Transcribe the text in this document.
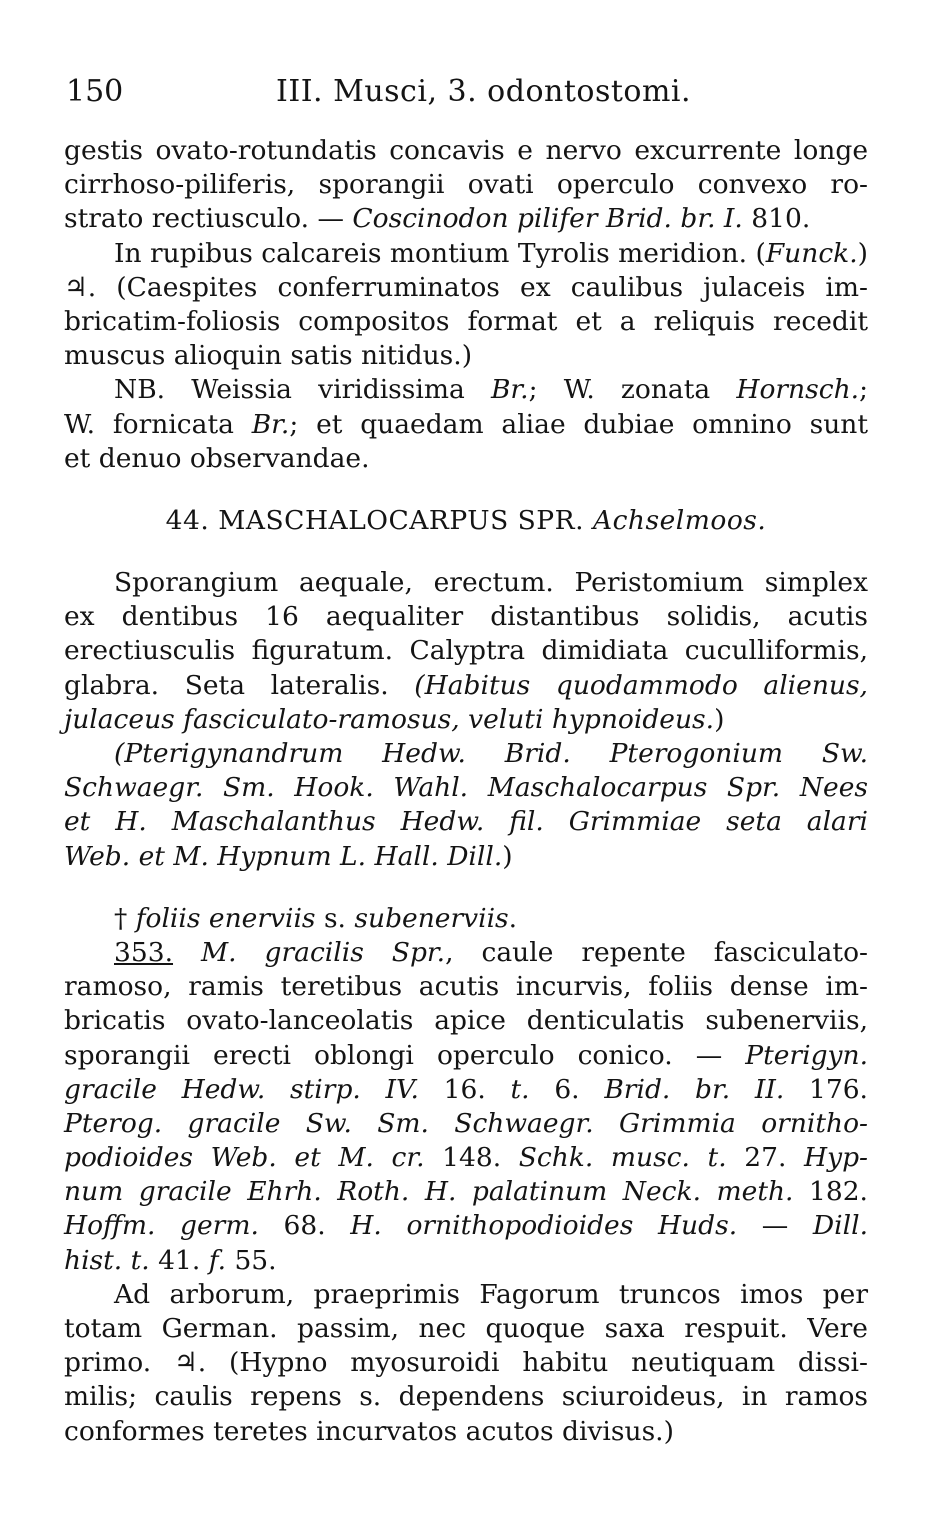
150	III. Musci, 3. odontostomi.
gestis ovato-rotundatis concavis e nervo excurrente longe
cirrhoso-piliferis, sporangii ovati operculo convexo ro-
strato rectiusculo. — Coscinodon pilifer Brid. br. I. 810.
In rupibus calcareis montium Tyrolis meridion. (Funck.)
♃. (Caespites conferruminatos ex caulibus julaceis im-
bricatim-foliosis compositos format et a reliquis recedit
muscus alioquin satis nitidus.)
NB. Weissia viridissima Br.; W. zonata Hornsch.;
W. fornicata Br.; et quaedam aliae dubiae omnino sunt
et denuo observandae.
44. MASCHALOCARPUS SPR. Achselmoos.
Sporangium aequale, erectum. Peristomium simplex
ex dentibus 16 aequaliter distantibus solidis, acutis
erectiusculis figuratum. Calyptra dimidiata cuculliformis,
glabra. Seta lateralis. (Habitus quodammodo alienus,
julaceus fasciculato-ramosus, veluti hypnoideus.)
(Pterigynandrum Hedw. Brid. Pterogonium Sw.
Schwaegr. Sm. Hook. Wahl. Maschalocarpus Spr. Nees
et H. Maschalanthus Hedw. fil. Grimmiae seta alari
Web. et M. Hypnum L. Hall. Dill.)
† foliis enerviis s. subenerviis.
353. M. gracilis Spr., caule repente fasciculato-
ramoso, ramis teretibus acutis incurvis, foliis dense im-
bricatis ovato-lanceolatis apice denticulatis subenerviis,
sporangii erecti oblongi operculo conico. — Pterigyn.
gracile Hedw. stirp. IV. 16. t. 6. Brid. br. II. 176.
Pterog. gracile Sw. Sm. Schwaegr. Grimmia ornitho-
podioides Web. et M. cr. 148. Schk. musc. t. 27. Hyp-
num gracile Ehrh. Roth. H. palatinum Neck. meth. 182.
Hoffm. germ. 68. H. ornithopodioides Huds. — Dill.
hist. t. 41. f. 55.
Ad arborum, praeprimis Fagorum truncos imos per
totam German. passim, nec quoque saxa respuit. Vere
primo. ♃. (Hypno myosuroidi habitu neutiquam dissi-
milis; caulis repens s. dependens sciuroideus, in ramos
conformes teretes incurvatos acutos divisus.)
